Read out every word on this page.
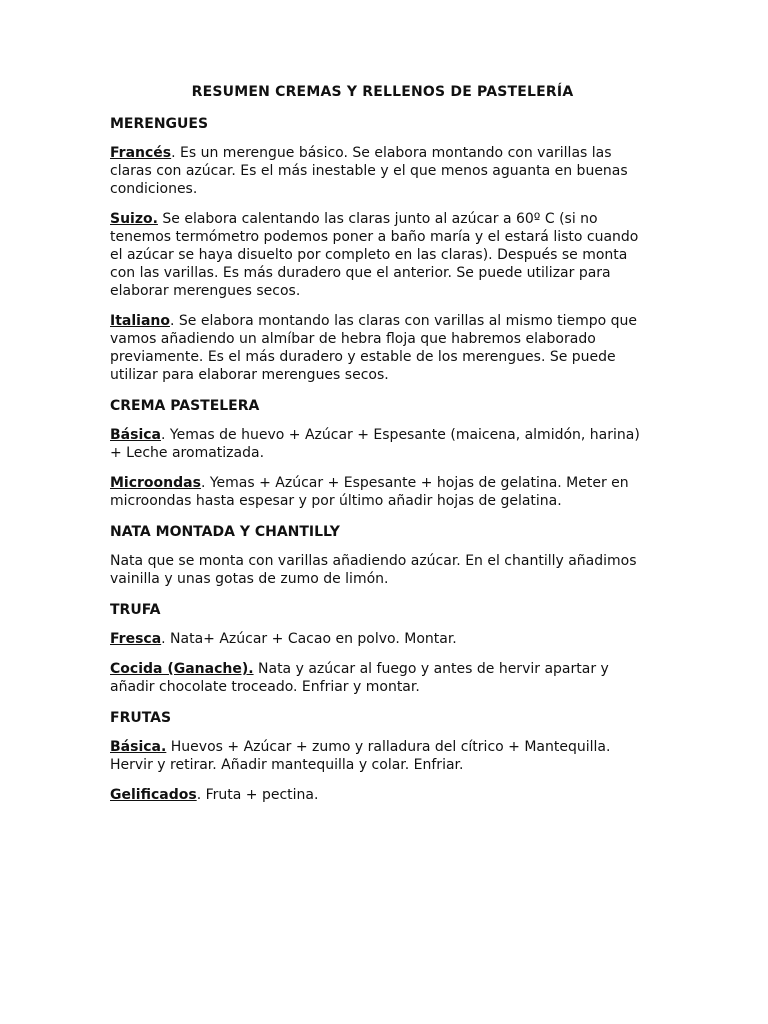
RESUMEN CREMAS Y RELLENOS DE PASTELERÍA
MERENGUES

Francés. Es un merengue básico. Se elabora montando con varillas las claras con azúcar. Es el más inestable y el que menos aguanta en buenas condiciones.

Suizo. Se elabora calentando las claras junto al azúcar a 60º C (si no tenemos termómetro podemos poner a baño maría y el estará listo cuando el azúcar se haya disuelto por completo en las claras). Después se monta con las varillas. Es más duradero que el anterior. Se puede utilizar para elaborar merengues secos.

Italiano. Se elabora montando las claras con varillas al mismo tiempo que vamos añadiendo un almíbar de hebra floja que habremos elaborado previamente. Es el más duradero y estable de los merengues. Se puede utilizar para elaborar merengues secos.

CREMA PASTELERA

Básica. Yemas de huevo + Azúcar + Espesante (maicena, almidón, harina) + Leche aromatizada.

Microondas. Yemas + Azúcar + Espesante + hojas de gelatina. Meter en microondas hasta espesar y por último añadir hojas de gelatina.

NATA MONTADA Y CHANTILLY

Nata que se monta con varillas añadiendo azúcar. En el chantilly añadimos vainilla y unas gotas de zumo de limón.

TRUFA

Fresca. Nata+ Azúcar + Cacao en polvo. Montar.

Cocida (Ganache). Nata y azúcar al fuego y antes de hervir apartar y añadir chocolate troceado. Enfriar y montar.

FRUTAS

Básica. Huevos + Azúcar + zumo y ralladura del cítrico + Mantequilla. Hervir y retirar. Añadir mantequilla y colar. Enfriar.

Gelificados. Fruta + pectina.
